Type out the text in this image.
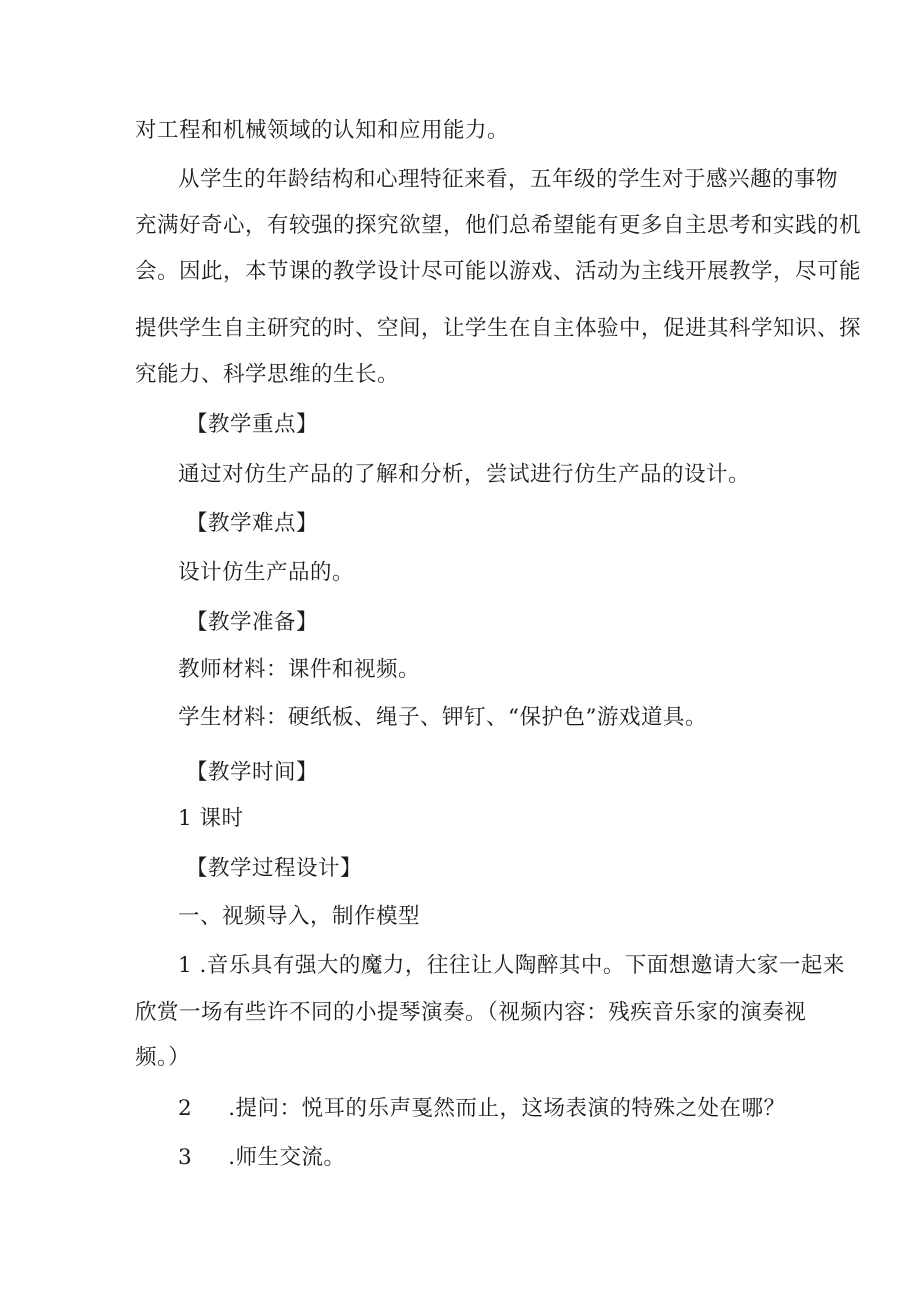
对工程和机械领域的认知和应用能力。
从学生的年龄结构和心理特征来看，五年级的学生对于感兴趣的事物
充满好奇心，有较强的探究欲望，他们总希望能有更多自主思考和实践的机
会。因此，本节课的教学设计尽可能以游戏、活动为主线开展教学，尽可能
提供学生自主研究的时、空间，让学生在自主体验中，促进其科学知识、探
究能力、科学思维的生长。
【教学重点】
通过对仿生产品的了解和分析，尝试进行仿生产品的设计。
【教学难点】
设计仿生产品的。
【教学准备】
教师材料：课件和视频。
学生材料：硬纸板、绳子、钾钉、“保护色”游戏道具。
【教学时间】
1 课时
【教学过程设计】
一、视频导入，制作模型
1 .音乐具有强大的魔力，往往让人陶醉其中。下面想邀请大家一起来
欣赏一场有些许不同的小提琴演奏。（视频内容：残疾音乐家的演奏视
频。）
2 .提问：悦耳的乐声戛然而止，这场表演的特殊之处在哪？
3 .师生交流。
